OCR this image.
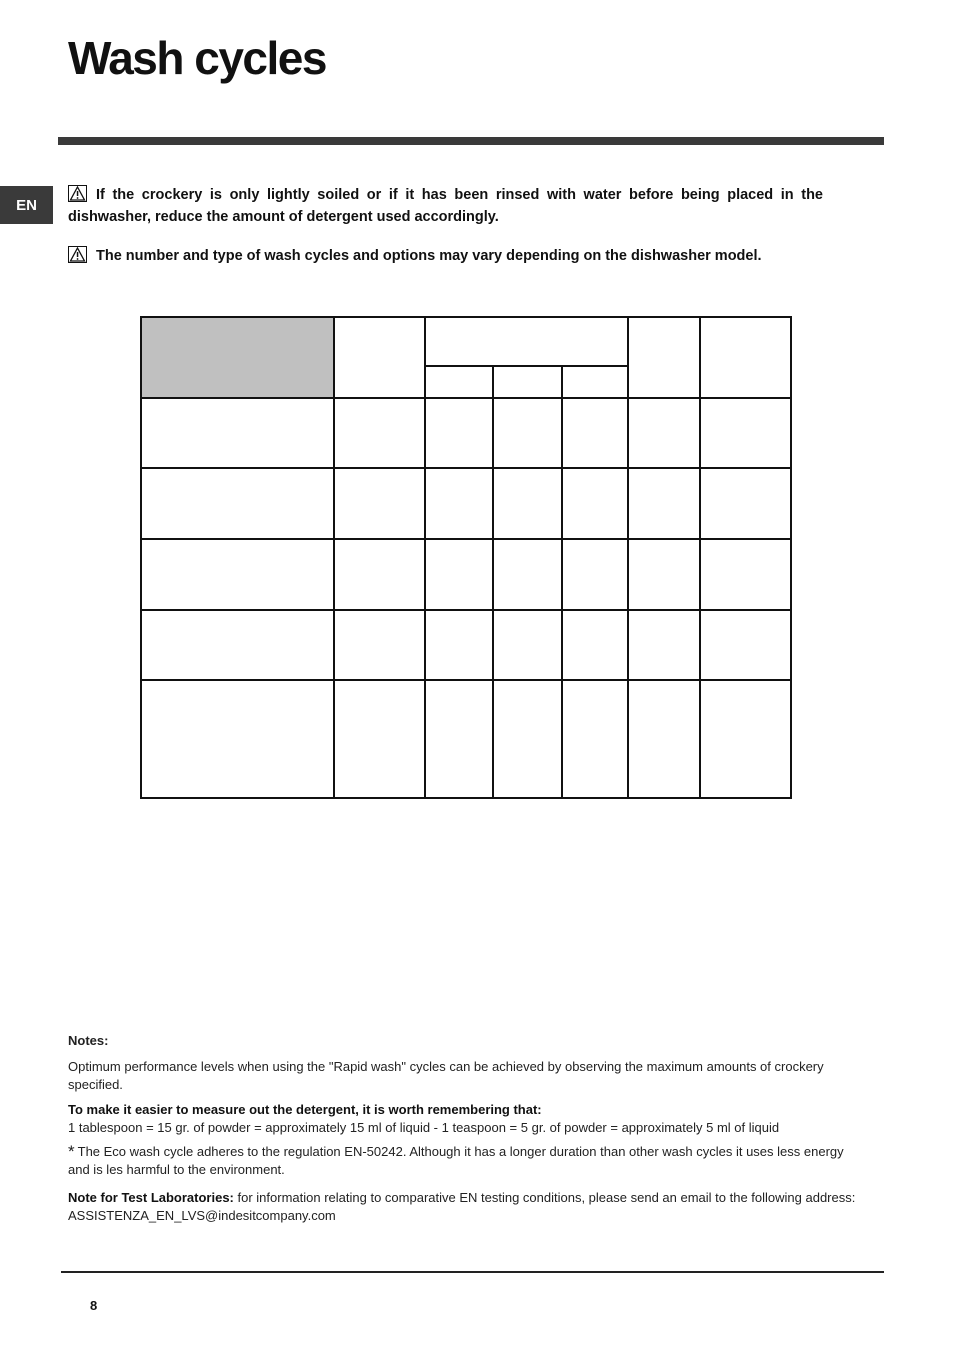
Wash cycles
EN
If the crockery is only lightly soiled or if it has been rinsed with water before being placed in the dishwasher, reduce the amount of detergent used accordingly.
The number and type of wash cycles and options may vary depending on the dishwasher model.
Notes:
Optimum performance levels when using the "Rapid wash" cycles can be achieved by observing the maximum amounts of crockery specified.
To make it easier to measure out the detergent, it is worth remembering that:
1 tablespoon = 15 gr. of powder = approximately 15 ml of liquid - 1 teaspoon = 5 gr. of powder = approximately 5 ml of liquid
* The Eco wash cycle adheres to the regulation EN-50242. Although it has a longer duration than other wash cycles it uses less energy and is les harmful to the environment.
Note for Test Laboratories: for information relating to comparative EN testing conditions, please send an email to the following address: ASSISTENZA_EN_LVS@indesitcompany.com
8
